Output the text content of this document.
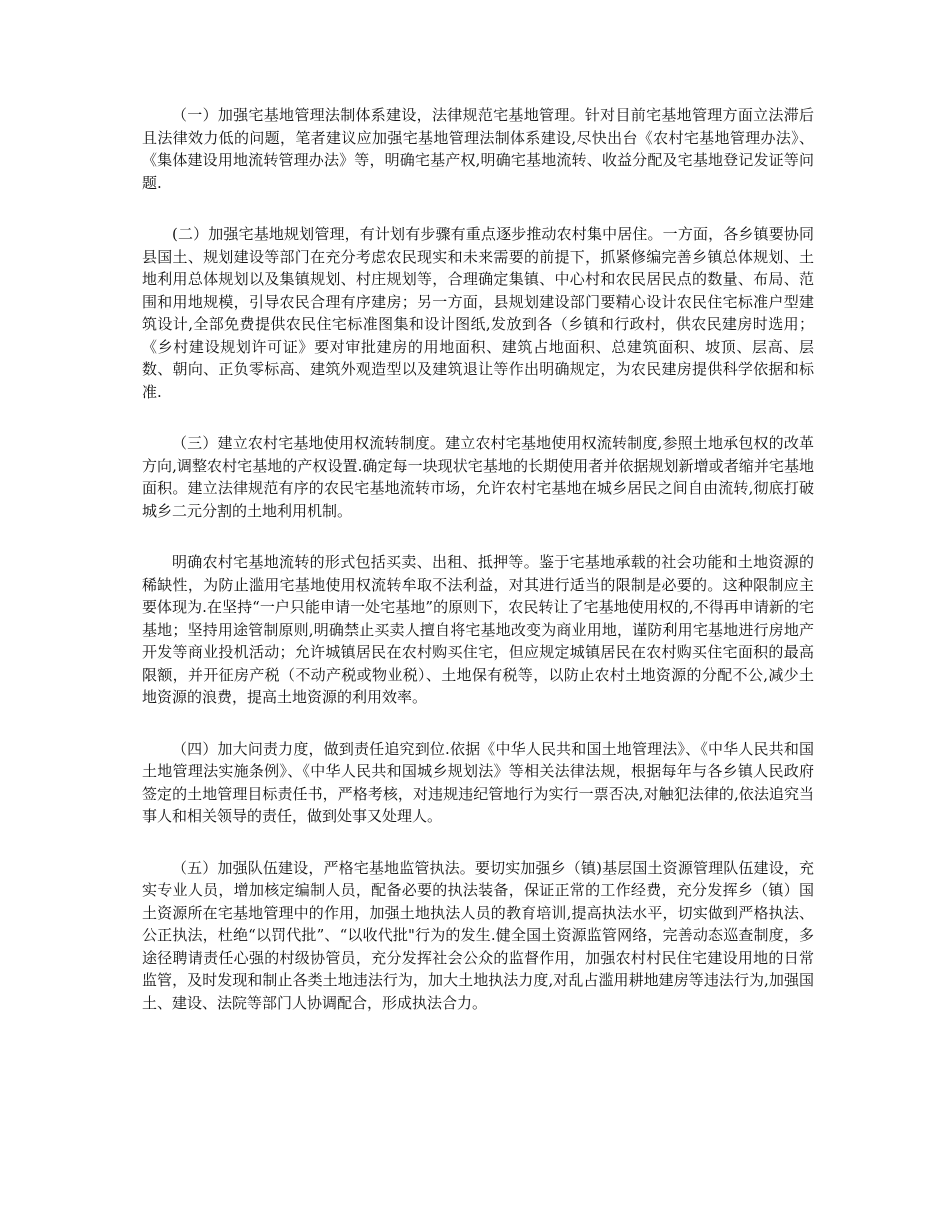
（一）加强宅基地管理法制体系建设，法律规范宅基地管理。针对目前宅基地管理方面立法滞后且法律效力低的问题，笔者建议应加强宅基地管理法制体系建设,尽快出台《农村宅基地管理办法》、《集体建设用地流转管理办法》等，明确宅基产权,明确宅基地流转、收益分配及宅基地登记发证等问题.

(二）加强宅基地规划管理，有计划有步骤有重点逐步推动农村集中居住。一方面，各乡镇要协同县国土、规划建设等部门在充分考虑农民现实和未来需要的前提下，抓紧修编完善乡镇总体规划、土地利用总体规划以及集镇规划、村庄规划等，合理确定集镇、中心村和农民居民点的数量、布局、范围和用地规模，引导农民合理有序建房；另一方面，县规划建设部门要精心设计农民住宅标准户型建筑设计,全部免费提供农民住宅标准图集和设计图纸,发放到各（乡镇和行政村，供农民建房时选用；《乡村建设规划许可证》要对审批建房的用地面积、建筑占地面积、总建筑面积、坡顶、层高、层数、朝向、正负零标高、建筑外观造型以及建筑退让等作出明确规定，为农民建房提供科学依据和标准.

（三）建立农村宅基地使用权流转制度。建立农村宅基地使用权流转制度,参照土地承包权的改革方向,调整农村宅基地的产权设置.确定每一块现状宅基地的长期使用者并依据规划新增或者缩并宅基地面积。建立法律规范有序的农民宅基地流转市场，允许农村宅基地在城乡居民之间自由流转,彻底打破城乡二元分割的土地利用机制。

明确农村宅基地流转的形式包括买卖、出租、抵押等。鉴于宅基地承载的社会功能和土地资源的稀缺性，为防止滥用宅基地使用权流转牟取不法利益，对其进行适当的限制是必要的。这种限制应主要体现为.在坚持“一户只能申请一处宅基地”的原则下，农民转让了宅基地使用权的,不得再申请新的宅基地；坚持用途管制原则,明确禁止买卖人擅自将宅基地改变为商业用地，谨防利用宅基地进行房地产开发等商业投机活动；允许城镇居民在农村购买住宅，但应规定城镇居民在农村购买住宅面积的最高限额，并开征房产税（不动产税或物业税）、土地保有税等，以防止农村土地资源的分配不公,减少土地资源的浪费，提高土地资源的利用效率。

（四）加大问责力度，做到责任追究到位.依据《中华人民共和国土地管理法》、《中华人民共和国土地管理法实施条例》、《中华人民共和国城乡规划法》等相关法律法规，根据每年与各乡镇人民政府签定的土地管理目标责任书，严格考核，对违规违纪管地行为实行一票否决,对触犯法律的,依法追究当事人和相关领导的责任，做到处事又处理人。

（五）加强队伍建设，严格宅基地监管执法。要切实加强乡（镇)基层国土资源管理队伍建设，充实专业人员，增加核定编制人员，配备必要的执法装备，保证正常的工作经费，充分发挥乡（镇）国土资源所在宅基地管理中的作用，加强土地执法人员的教育培训,提高执法水平，切实做到严格执法、公正执法，杜绝“以罚代批”、“以收代批"行为的发生.健全国土资源监管网络，完善动态巡查制度，多途径聘请责任心强的村级协管员，充分发挥社会公众的监督作用，加强农村村民住宅建设用地的日常监管，及时发现和制止各类土地违法行为，加大土地执法力度,对乱占滥用耕地建房等违法行为,加强国土、建设、法院等部门人协调配合，形成执法合力。
